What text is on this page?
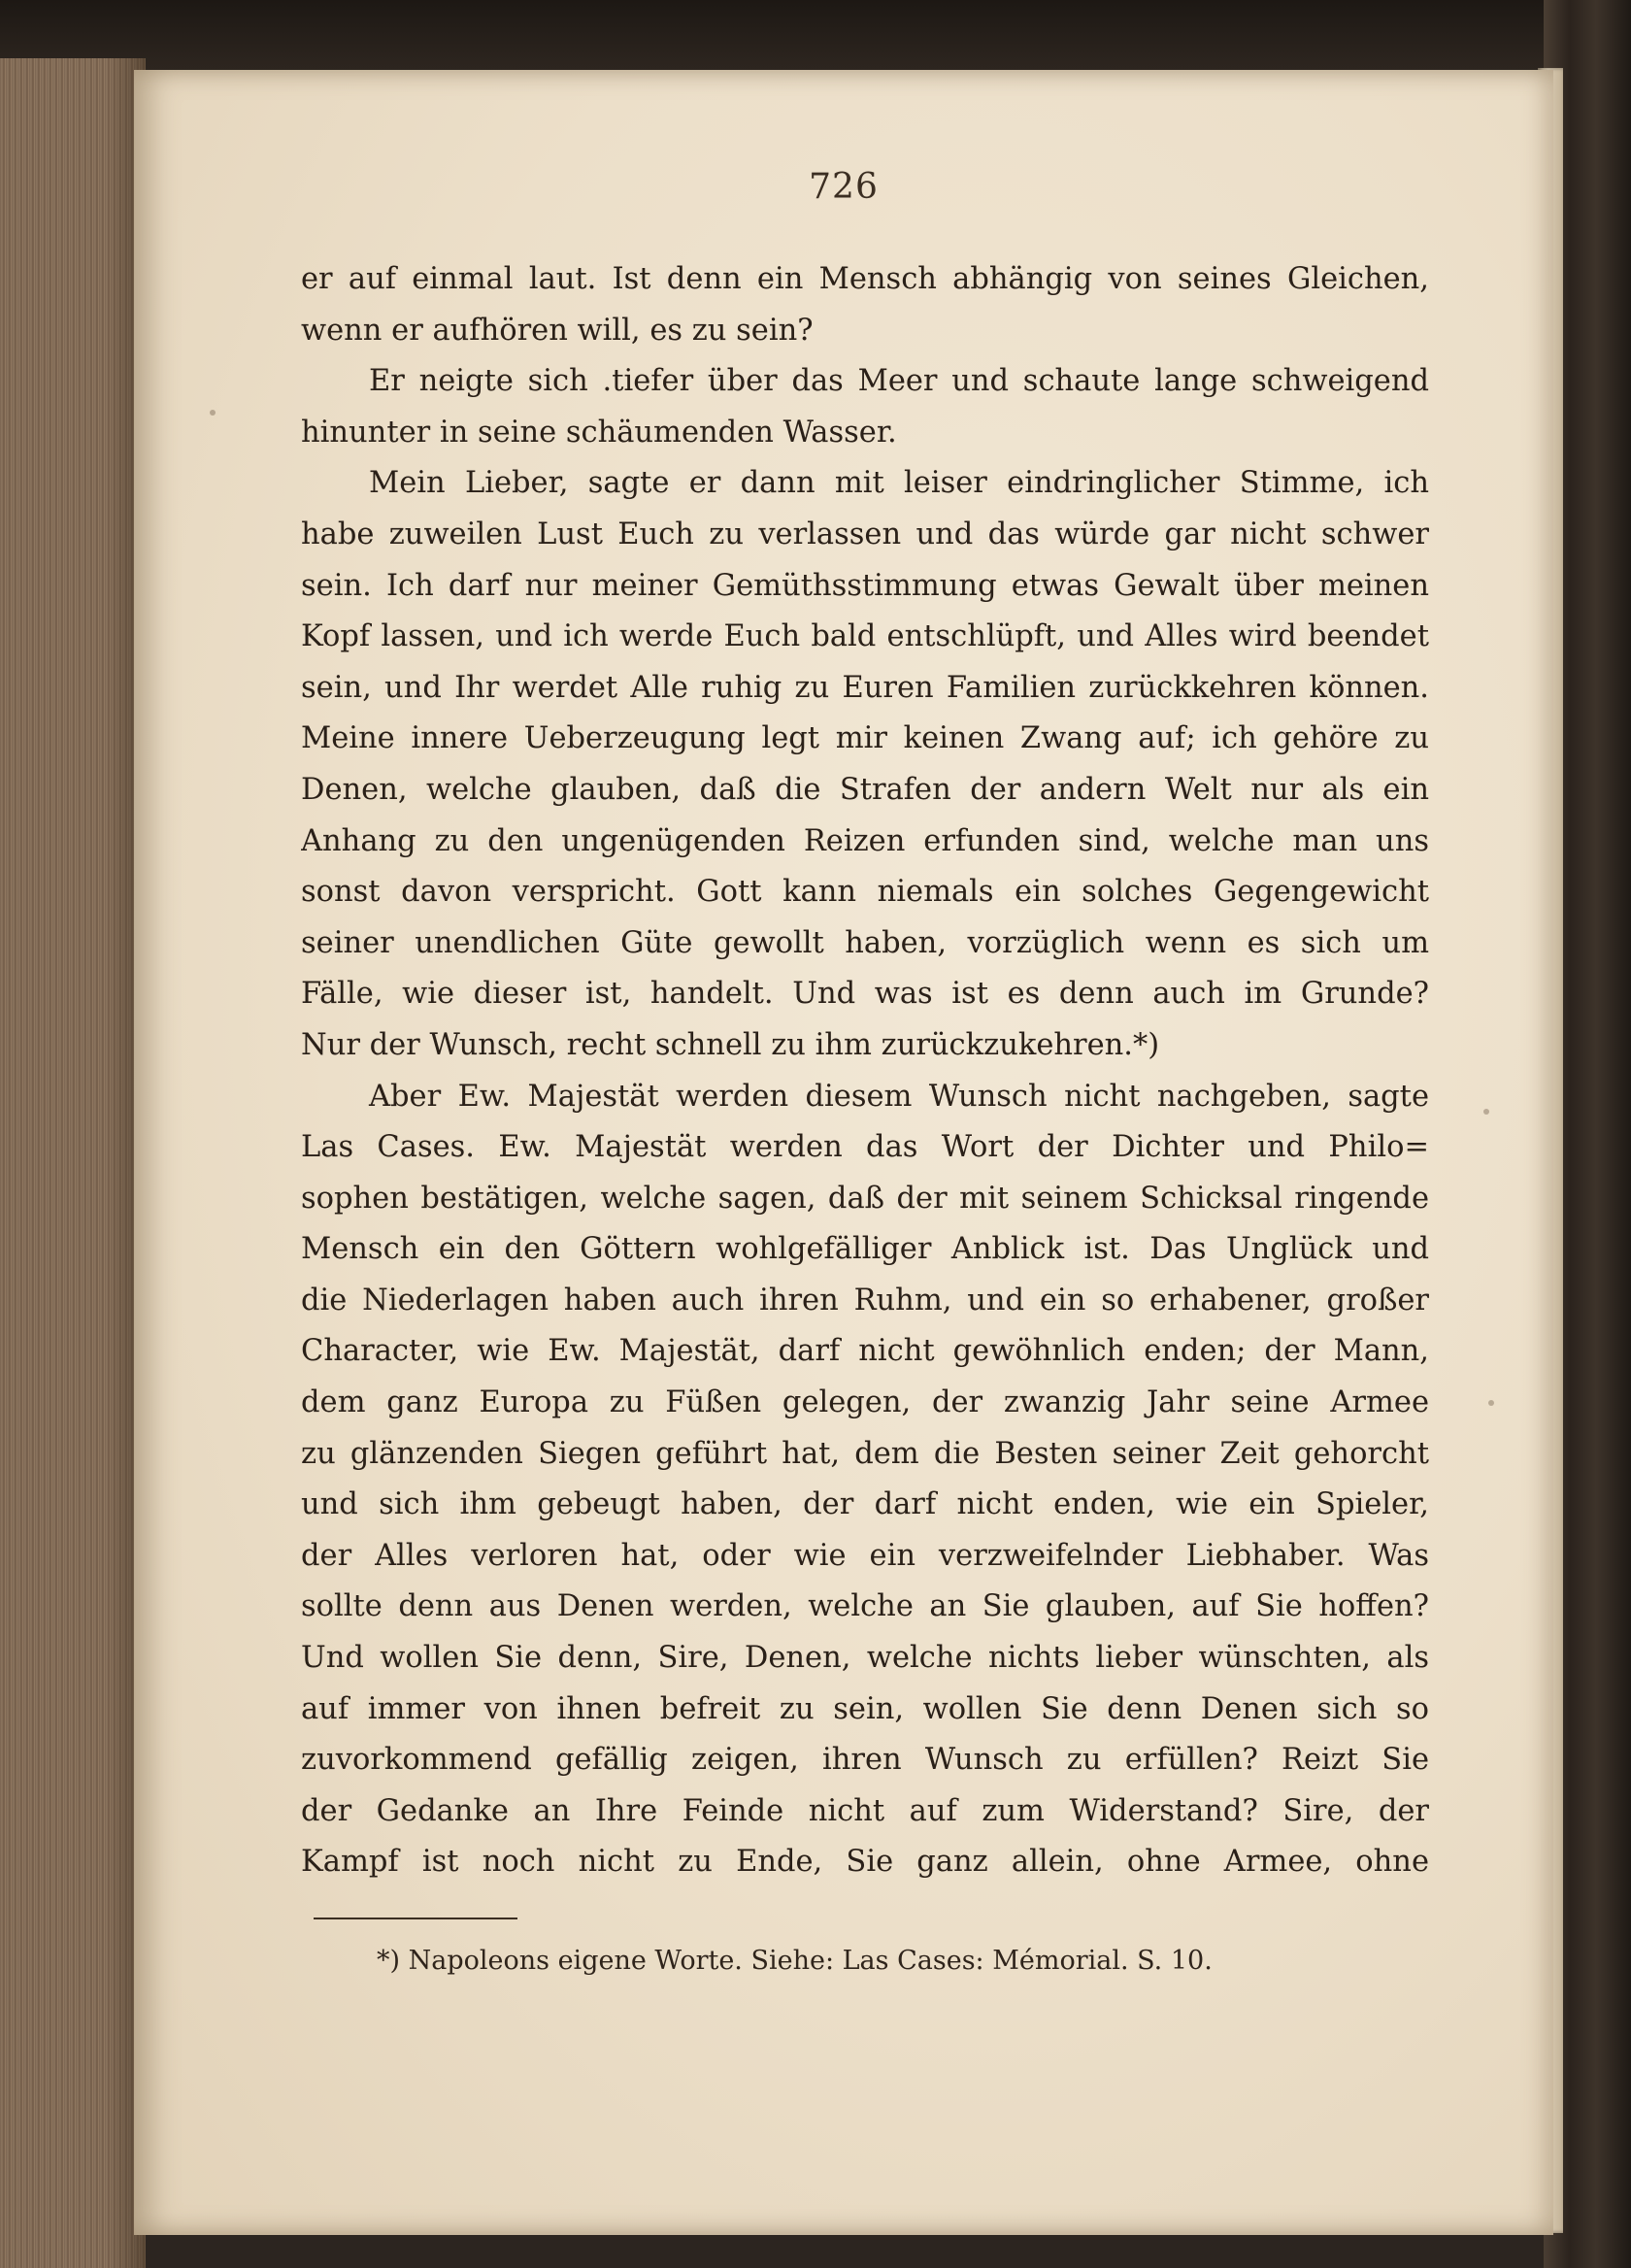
726

er auf einmal laut. Ist denn ein Mensch abhängig von seines Gleichen,
wenn er aufhören will, es zu sein?
Er neigte sich .tiefer über das Meer und schaute lange schweigend
hinunter in seine schäumenden Wasser.
Mein Lieber, sagte er dann mit leiser eindringlicher Stimme, ich
habe zuweilen Lust Euch zu verlassen und das würde gar nicht schwer
sein. Ich darf nur meiner Gemüthsstimmung etwas Gewalt über meinen
Kopf lassen, und ich werde Euch bald entschlüpft, und Alles wird beendet
sein, und Ihr werdet Alle ruhig zu Euren Familien zurückkehren können.
Meine innere Ueberzeugung legt mir keinen Zwang auf; ich gehöre zu
Denen, welche glauben, daß die Strafen der andern Welt nur als ein
Anhang zu den ungenügenden Reizen erfunden sind, welche man uns
sonst davon verspricht. Gott kann niemals ein solches Gegengewicht
seiner unendlichen Güte gewollt haben, vorzüglich wenn es sich um
Fälle, wie dieser ist, handelt. Und was ist es denn auch im Grunde?
Nur der Wunsch, recht schnell zu ihm zurückzukehren.*)
Aber Ew. Majestät werden diesem Wunsch nicht nachgeben, sagte
Las Cases. Ew. Majestät werden das Wort der Dichter und Philo=
sophen bestätigen, welche sagen, daß der mit seinem Schicksal ringende
Mensch ein den Göttern wohlgefälliger Anblick ist. Das Unglück und
die Niederlagen haben auch ihren Ruhm, und ein so erhabener, großer
Character, wie Ew. Majestät, darf nicht gewöhnlich enden; der Mann,
dem ganz Europa zu Füßen gelegen, der zwanzig Jahr seine Armee
zu glänzenden Siegen geführt hat, dem die Besten seiner Zeit gehorcht
und sich ihm gebeugt haben, der darf nicht enden, wie ein Spieler,
der Alles verloren hat, oder wie ein verzweifelnder Liebhaber. Was
sollte denn aus Denen werden, welche an Sie glauben, auf Sie hoffen?
Und wollen Sie denn, Sire, Denen, welche nichts lieber wünschten, als
auf immer von ihnen befreit zu sein, wollen Sie denn Denen sich so
zuvorkommend gefällig zeigen, ihren Wunsch zu erfüllen? Reizt Sie
der Gedanke an Ihre Feinde nicht auf zum Widerstand? Sire, der
Kampf ist noch nicht zu Ende, Sie ganz allein, ohne Armee, ohne
*) Napoleons eigene Worte. Siehe: Las Cases: Mémorial. S. 10.
